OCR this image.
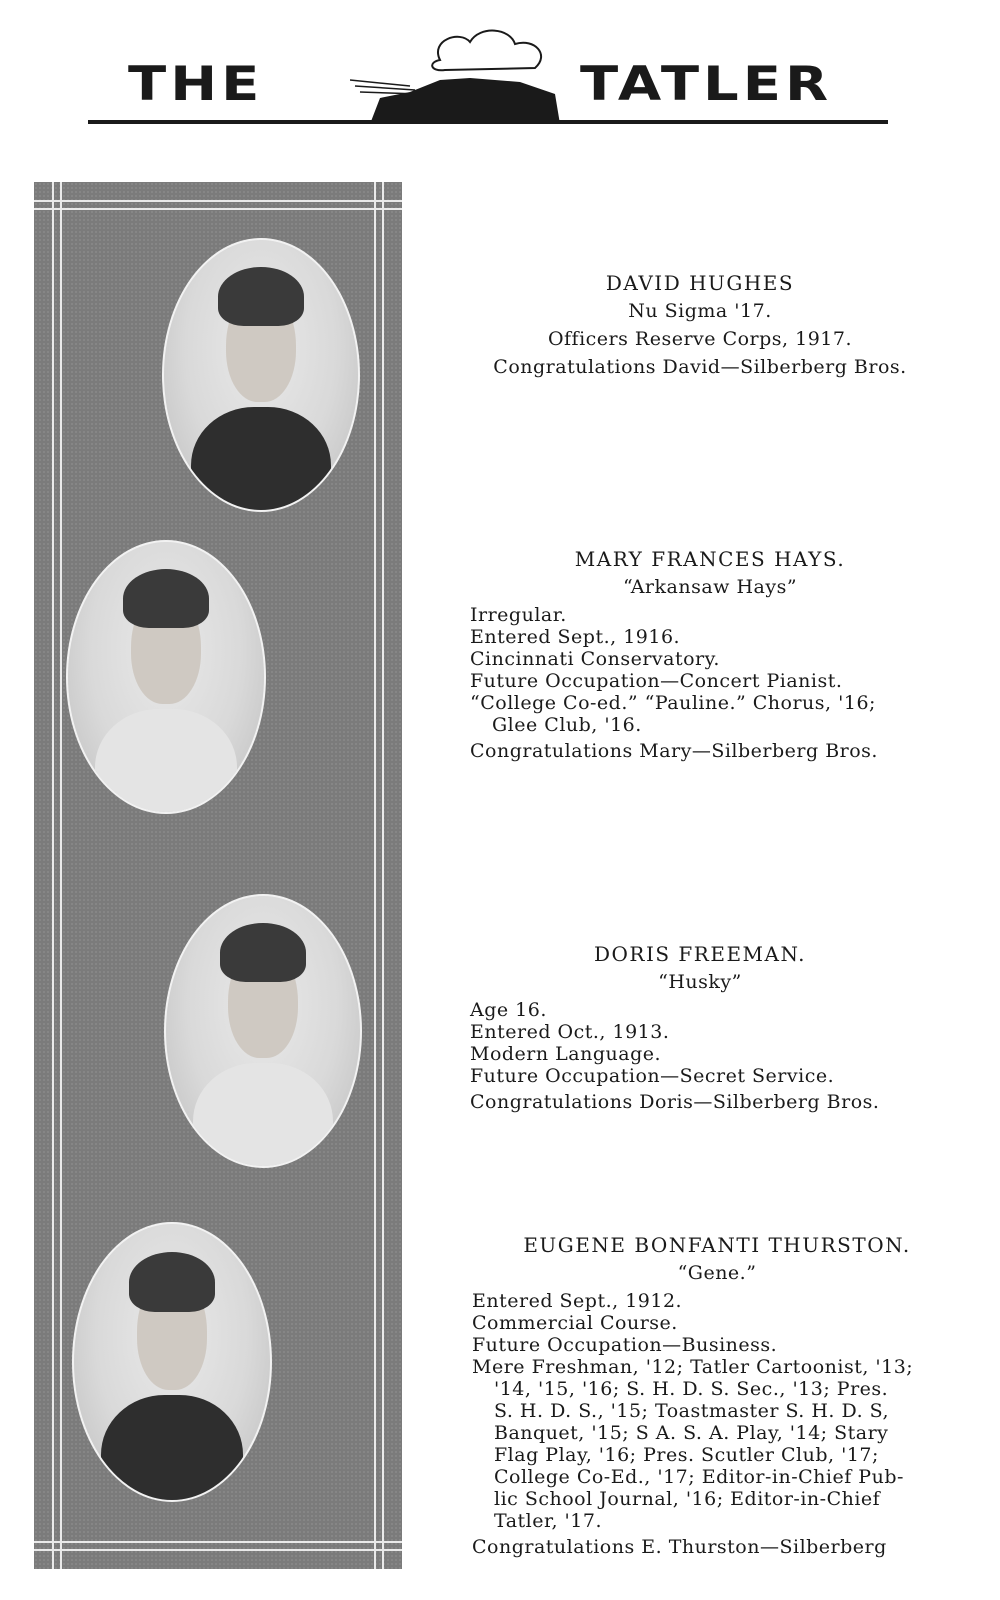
THE	TATLER
DAVID HUGHES
Nu Sigma '17.
Officers Reserve Corps, 1917.
Congratulations David—Silberberg Bros.
MARY FRANCES HAYS.
“Arkansaw Hays”
Irregular.
Entered Sept., 1916.
Cincinnati Conservatory.
Future Occupation—Concert Pianist.
“College Co-ed.” “Pauline.” Chorus, '16;
Glee Club, '16.
Congratulations Mary—Silberberg Bros.
DORIS FREEMAN.
“Husky”
Age 16.
Entered Oct., 1913.
Modern Language.
Future Occupation—Secret Service.
Congratulations Doris—Silberberg Bros.
EUGENE BONFANTI THURSTON.
“Gene.”
Entered Sept., 1912.
Commercial Course.
Future Occupation—Business.
Mere Freshman, '12; Tatler Cartoonist, '13;
'14, '15, '16; S. H. D. S. Sec., '13; Pres.
S. H. D. S., '15; Toastmaster S. H. D. S,
Banquet, '15; S A. S. A. Play, '14; Stary
Flag Play, '16; Pres. Scutler Club, '17;
College Co-Ed., '17; Editor-in-Chief Pub-
lic School Journal, '16; Editor-in-Chief
Tatler, '17.
Congratulations E. Thurston—Silberberg
